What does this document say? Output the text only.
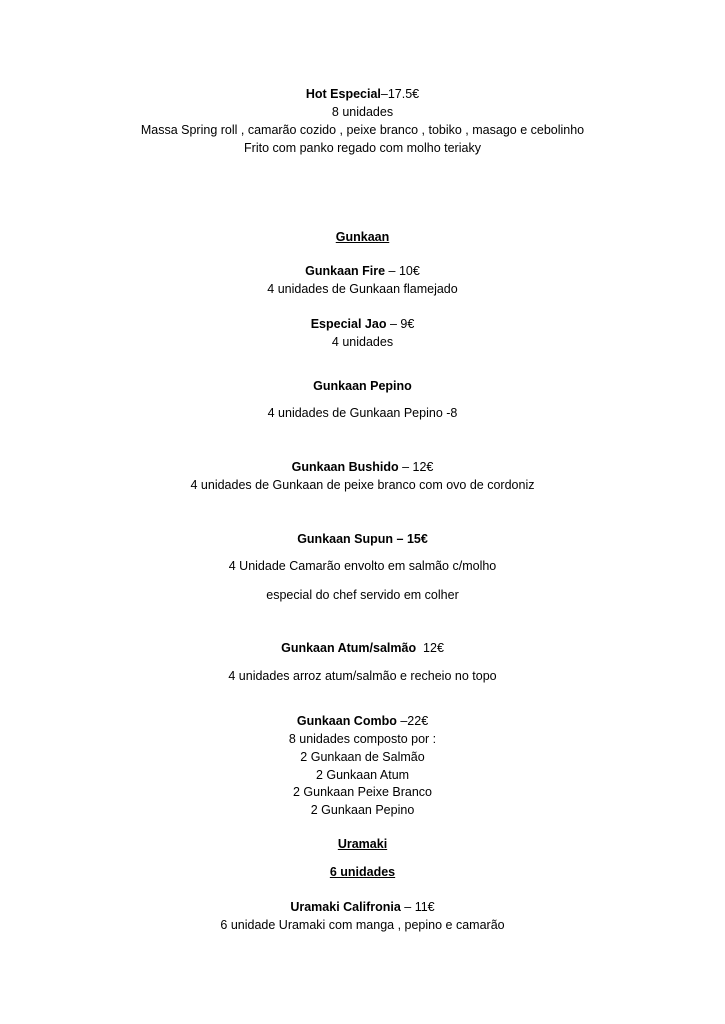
Hot Especial–17.5€
8 unidades
Massa Spring roll , camarão cozido , peixe branco , tobiko , masago e cebolinho
Frito com panko regado com molho teriaky
Gunkaan
Gunkaan Fire – 10€
4 unidades de Gunkaan flamejado
Especial Jao – 9€
4 unidades
Gunkaan Pepino
4 unidades de Gunkaan Pepino -8
Gunkaan Bushido – 12€
4 unidades de Gunkaan de peixe branco com ovo de cordoniz
Gunkaan Supun – 15€
4 Unidade Camarão envolto em salmão c/molho
especial do chef servido em colher
Gunkaan Atum/salmão  12€
4 unidades arroz atum/salmão e recheio no topo
Gunkaan Combo –22€
8 unidades composto por :
2 Gunkaan de Salmão
2 Gunkaan Atum
2 Gunkaan Peixe Branco
2 Gunkaan Pepino
Uramaki
6 unidades
Uramaki Califronia – 11€
6 unidade Uramaki com manga , pepino e camarão
